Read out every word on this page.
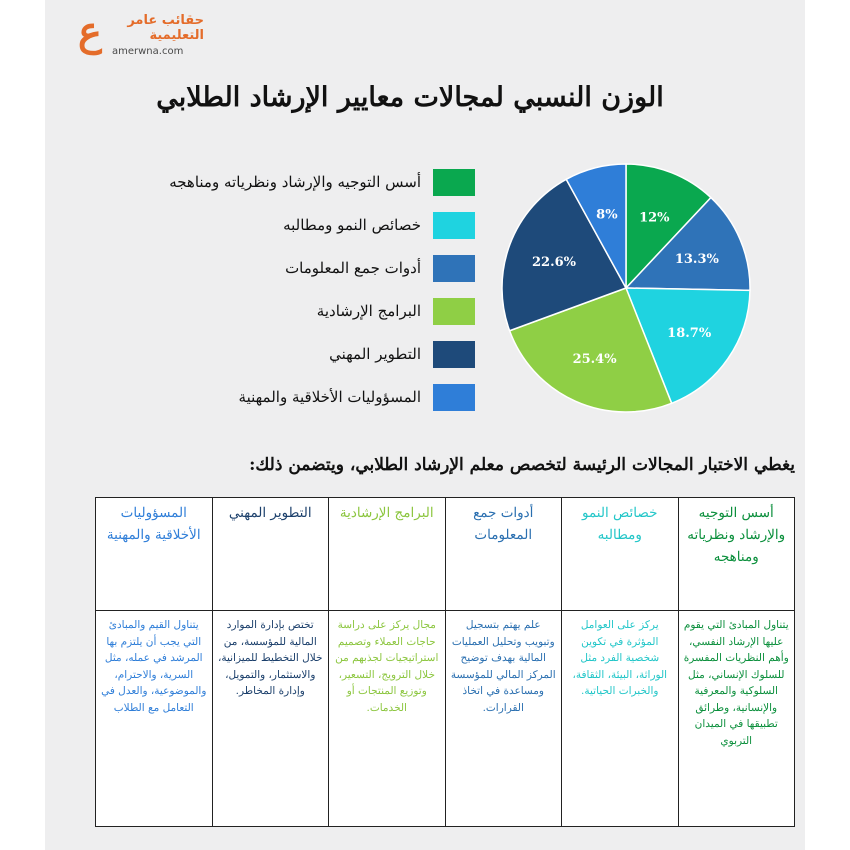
ع	حقائب عامر
التعليمية
amerwna.com
الوزن النسبي لمجالات معايير الإرشاد الطلابي
أسس التوجيه والإرشاد ونظرياته ومناهجه
خصائص النمو ومطالبه
أدوات جمع المعلومات
البرامج الإرشادية
التطوير المهني
المسؤوليات الأخلاقية والمهنية
12%
13.3%
18.7%
25.4%
22.6%
8%
يغطي الاختبار المجالات الرئيسة لتخصص معلم الإرشاد الطلابي، ويتضمن ذلك:
أسس التوجيه والإرشاد ونظرياته ومناهجه	خصائص النمو ومطالبه	أدوات جمع المعلومات	البرامج الإرشادية	التطوير المهني	المسؤوليات الأخلاقية والمهنية
يتناول المبادئ التي يقوم عليها الإرشاد النفسي، وأهم النظريات المفسرة للسلوك الإنساني، مثل السلوكية والمعرفية والإنسانية، وطرائق تطبيقها في الميدان التربوي	يركز على العوامل المؤثرة في تكوين شخصية الفرد مثل الوراثة، البيئة، الثقافة، والخبرات الحياتية.	علم يهتم بتسجيل وتبويب وتحليل العمليات المالية بهدف توضيح المركز المالي للمؤسسة ومساعدة في اتخاذ القرارات.	مجال يركز على دراسة حاجات العملاء وتصميم استراتيجيات لجذبهم من خلال الترويج، التسعير، وتوزيع المنتجات أو الخدمات.	تختص بإدارة الموارد المالية للمؤسسة، من خلال التخطيط للميزانية، والاستثمار، والتمويل، وإدارة المخاطر.	يتناول القيم والمبادئ التي يجب أن يلتزم بها المرشد في عمله، مثل السرية، والاحترام، والموضوعية، والعدل في التعامل مع الطلاب
